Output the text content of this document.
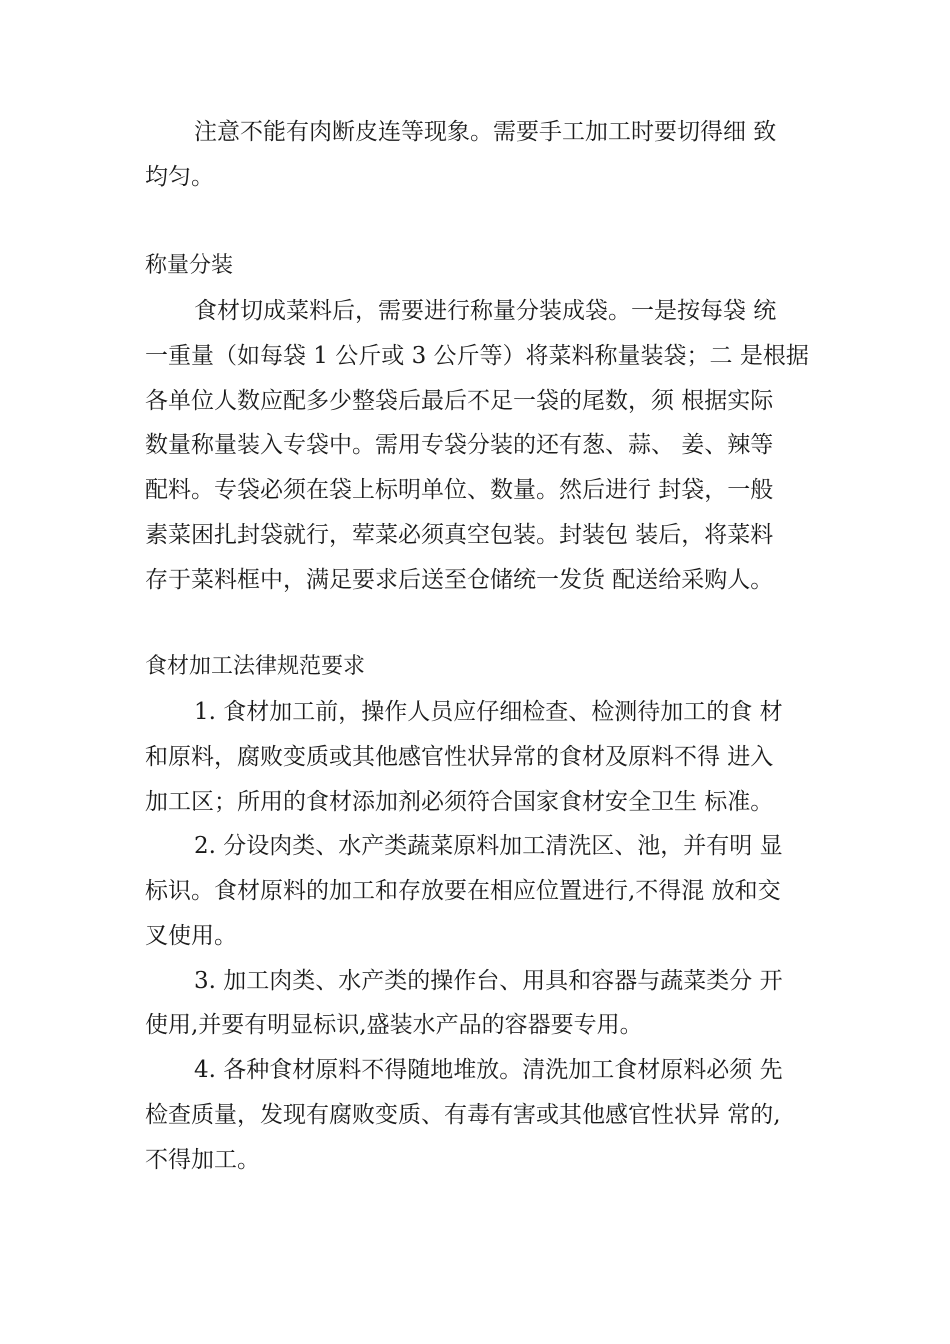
注意不能有肉断皮连等现象。需要手工加工时要切得细 致
均匀。
称量分装
食材切成菜料后，需要进行称量分装成袋。一是按每袋 统
一重量（如每袋 1 公斤或 3 公斤等）将菜料称量装袋；二 是根据
各单位人数应配多少整袋后最后不足一袋的尾数，须 根据实际
数量称量装入专袋中。需用专袋分装的还有葱、蒜、 姜、辣等
配料。专袋必须在袋上标明单位、数量。然后进行 封袋，一般
素菜困扎封袋就行，荤菜必须真空包装。封装包 装后，将菜料
存于菜料框中，满足要求后送至仓储统一发货 配送给采购人。
食材加工法律规范要求
1. 食材加工前，操作人员应仔细检查、检测待加工的食 材
和原料，腐败变质或其他感官性状异常的食材及原料不得 进入
加工区；所用的食材添加剂必须符合国家食材安全卫生 标准。
2. 分设肉类、水产类蔬菜原料加工清洗区、池，并有明 显
标识。食材原料的加工和存放要在相应位置进行,不得混 放和交
叉使用。
3. 加工肉类、水产类的操作台、用具和容器与蔬菜类分 开
使用,并要有明显标识,盛装水产品的容器要专用。
4. 各种食材原料不得随地堆放。清洗加工食材原料必须 先
检查质量，发现有腐败变质、有毒有害或其他感官性状异 常的,
不得加工。
